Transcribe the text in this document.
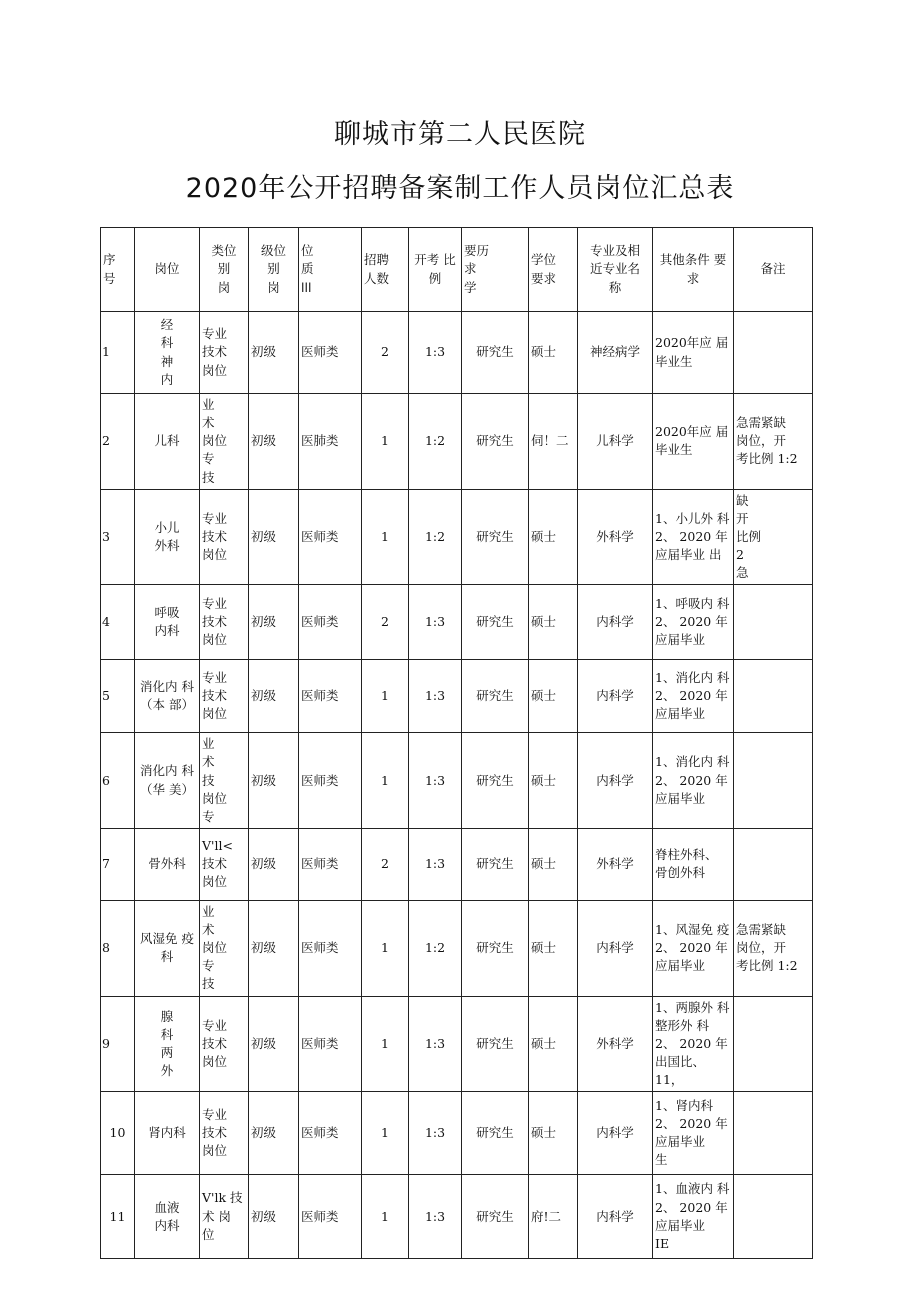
聊城市第二人民医院
2020年公开招聘备案制工作人员岗位汇总表
序
号	岗位	类位
别
岗	级位
别
岗	位
质
lll	招聘
人数	开考 比
例	要历
求
学	学位
要求	专业及相
近专业名
称	其他条件 要
求	备注
1	经
科
神
内	专业
技术
岗位	初级	医师类	2	1:3	研究生	硕士	神经病学	2020年应 届
毕业生	
2	儿科	业
术
岗位
专
技	初级	医肺类	1	1:2	研究生	伺！二	儿科学	2020年应 届
毕业生	急需紧缺
岗位，开
考比例 1:2
3	小儿
外科	专业
技术
岗位	初级	医师类	1	1:2	研究生	硕士	外科学	1、小儿外 科
2、 2020 年
应届毕业 出	缺
开
比例
2
急
4	呼吸
内科	专业
技术
岗位	初级	医师类	2	1:3	研究生	硕士	内科学	1、呼吸内 科
2、 2020 年
应届毕业	
5	消化内 科
（本 部）	专业
技术
岗位	初级	医师类	1	1:3	研究生	硕士	内科学	1、消化内 科
2、 2020 年
应届毕业	
6	消化内 科
（华 美）	业
术
技
岗位
专	初级	医师类	1	1:3	研究生	硕士	内科学	1、消化内 科
2、 2020 年
应届毕业	
7	骨外科	V'll<
技术
岗位	初级	医师类	2	1:3	研究生	硕士	外科学	脊柱外科、
骨创外科	
8	风湿免 疫
科	业
术
岗位
专
技	初级	医师类	1	1:2	研究生	硕士	内科学	1、风湿免 疫
2、 2020 年
应届毕业	急需紧缺
岗位，开
考比例 1:2
9	腺
科
两
外	专业
技术
岗位	初级	医师类	1	1:3	研究生	硕士	外科学	1、两腺外 科
整形外 科
2、 2020 年
出国比、11，	
10	肾内科	专业
技术
岗位	初级	医师类	1	1:3	研究生	硕士	内科学	1、肾内科
2、 2020 年
应届毕业
生	
11	血液
内科	V'lk 技
术 岗
位	初级	医师类	1	1:3	研究生	府!二	内科学	1、血液内 科
2、 2020 年
应届毕业
IE	
